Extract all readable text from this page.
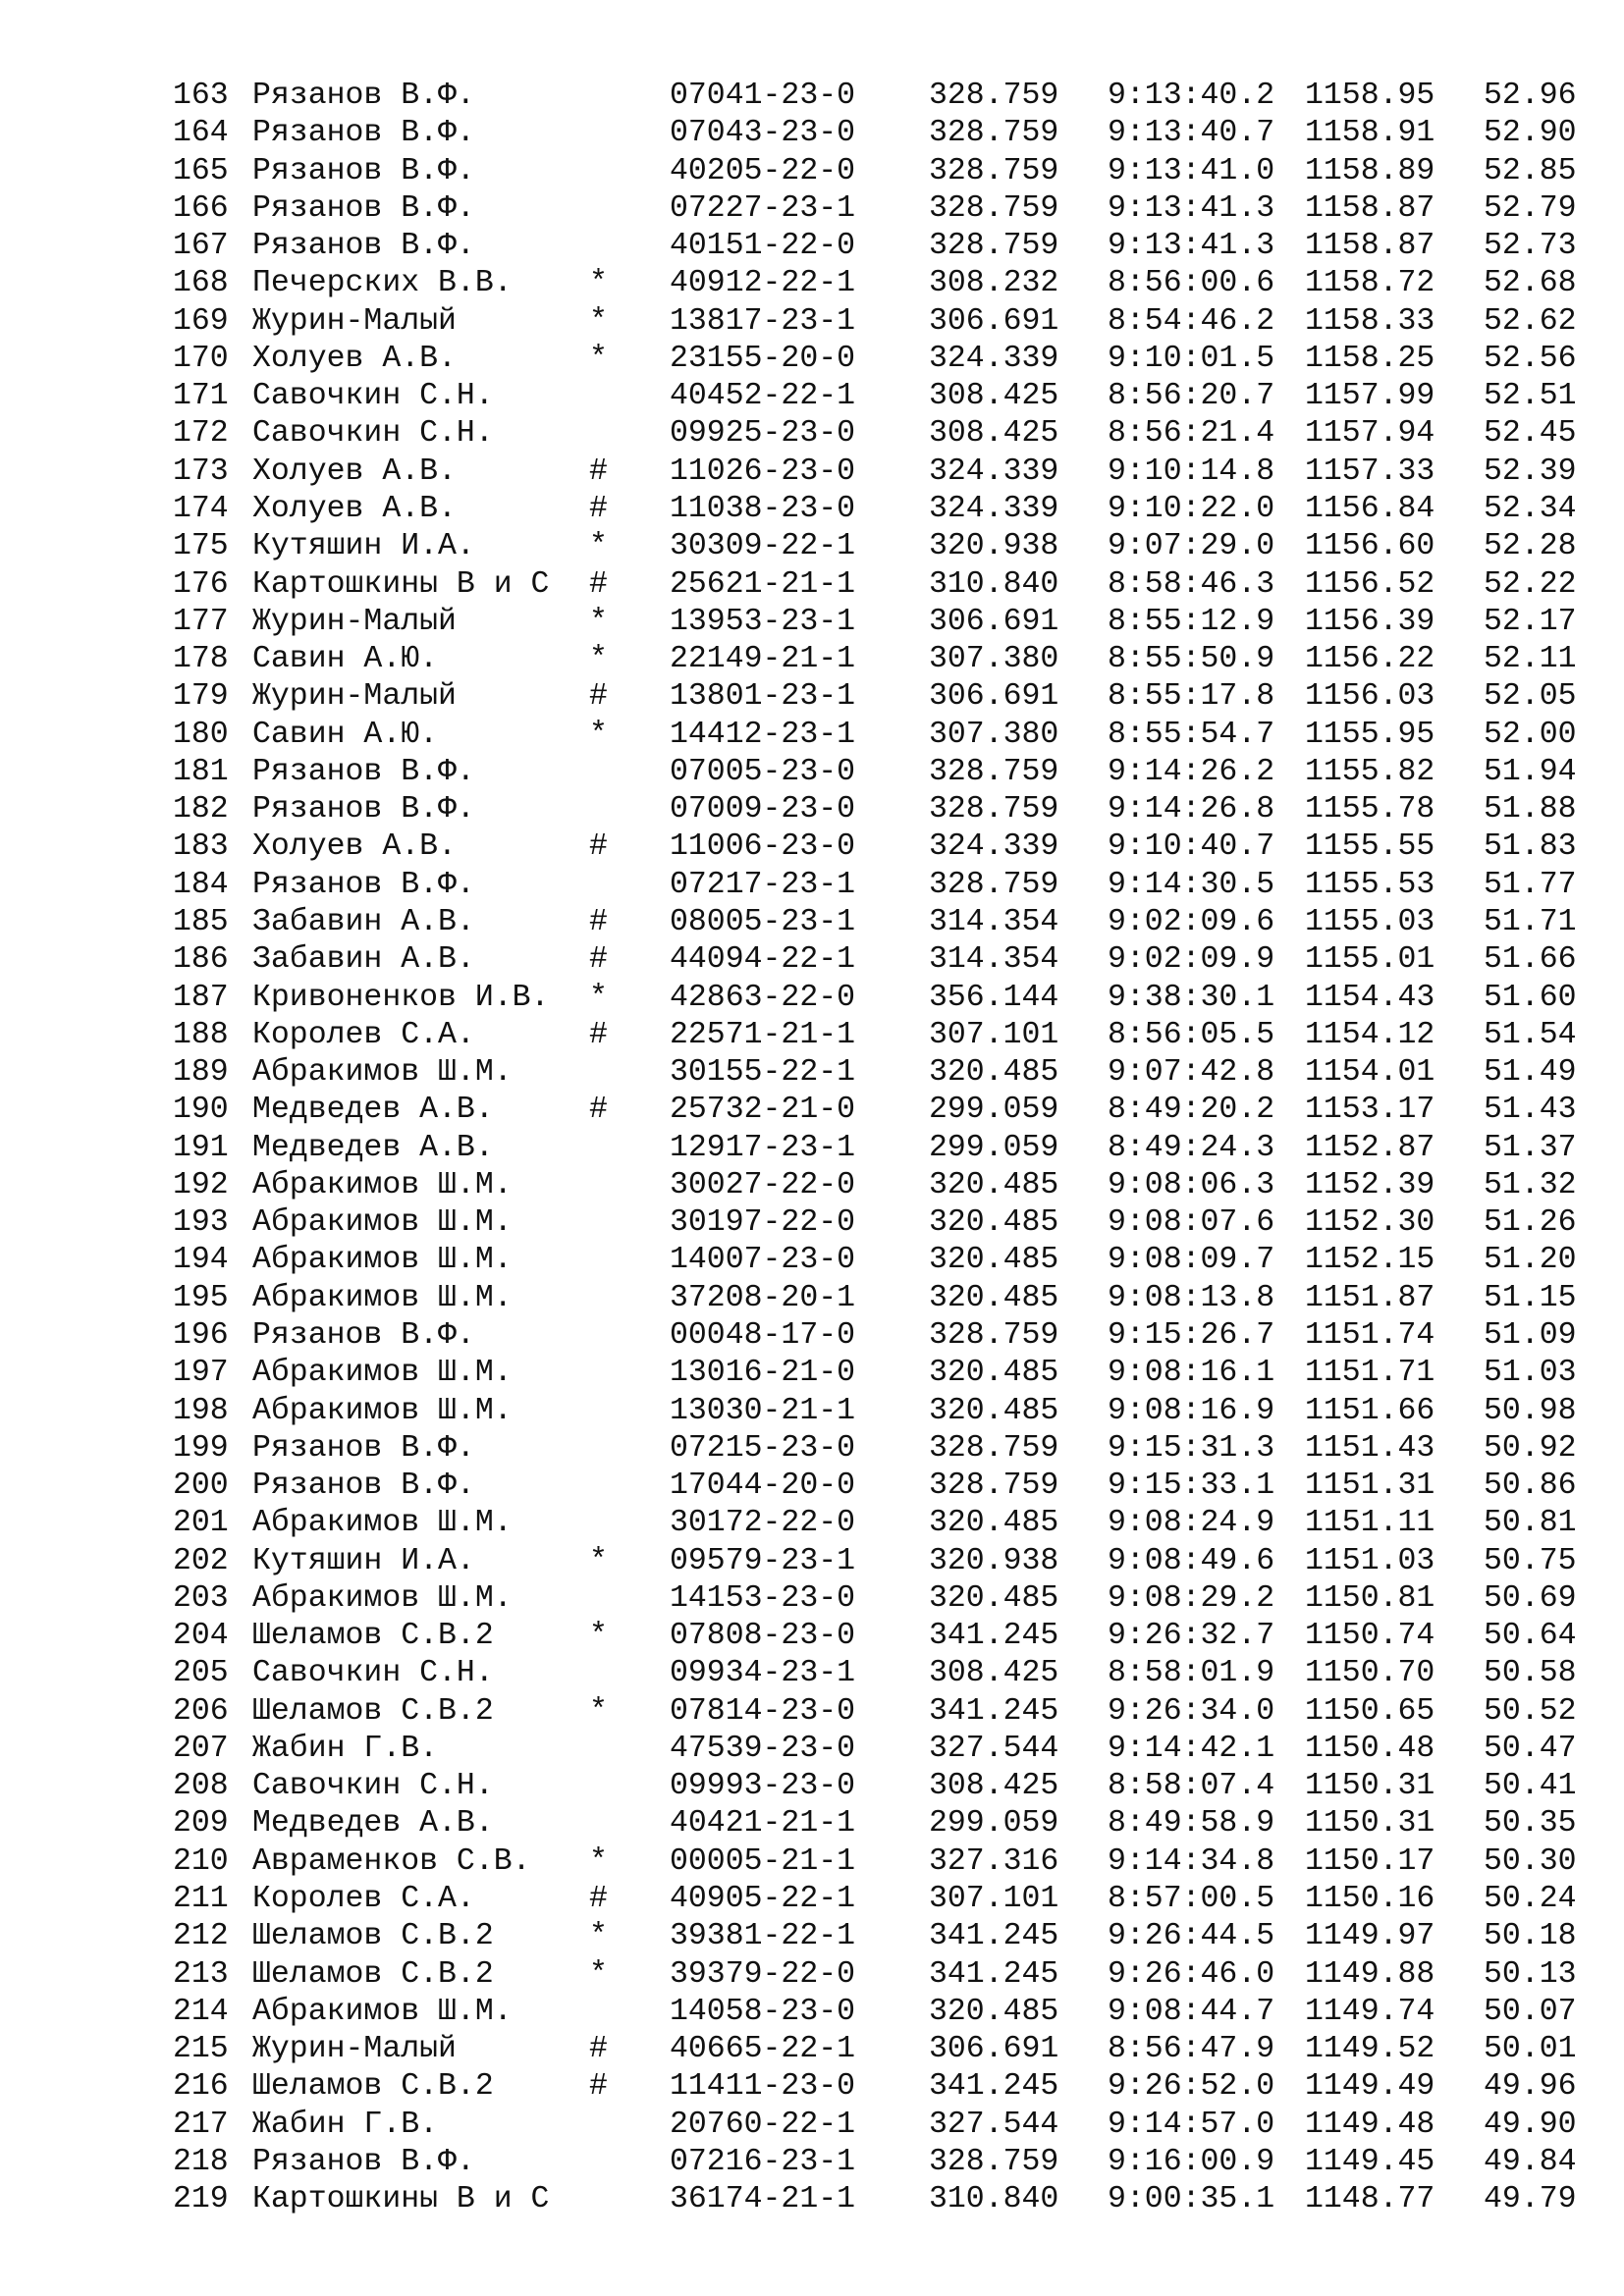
163 Рязанов В.Ф.	07041-23-0 328.759 9:13:40.2 1158.95 52.96
164 Рязанов В.Ф.	07043-23-0 328.759 9:13:40.7 1158.91 52.90
165 Рязанов В.Ф.	40205-22-0 328.759 9:13:41.0 1158.89 52.85
166 Рязанов В.Ф.	07227-23-1 328.759 9:13:41.3 1158.87 52.79
167 Рязанов В.Ф.	40151-22-0 328.759 9:13:41.3 1158.87 52.73
168 Печерских В.В. * 40912-22-1 308.232 8:56:00.6 1158.72 52.68
169 Журин-Малый	* 13817-23-1 306.691 8:54:46.2 1158.33 52.62
170 Холуев А.В.	* 23155-20-0 324.339 9:10:01.5 1158.25 52.56
171 Савочкин С.Н.	40452-22-1 308.425 8:56:20.7 1157.99 52.51
172 Савочкин С.Н.	09925-23-0 308.425 8:56:21.4 1157.94 52.45
173 Холуев А.В.	# 11026-23-0 324.339 9:10:14.8 1157.33 52.39
174 Холуев А.В.	# 11038-23-0 324.339 9:10:22.0 1156.84 52.34
175 Кутяшин И.А.	* 30309-22-1 320.938 9:07:29.0 1156.60 52.28
176 Картошкины В и С # 25621-21-1 310.840 8:58:46.3 1156.52 52.22
177 Журин-Малый	* 13953-23-1 306.691 8:55:12.9 1156.39 52.17
178 Савин А.Ю.	* 22149-21-1 307.380 8:55:50.9 1156.22 52.11
179 Журин-Малый	# 13801-23-1 306.691 8:55:17.8 1156.03 52.05
180 Савин А.Ю.	* 14412-23-1 307.380 8:55:54.7 1155.95 52.00
181 Рязанов В.Ф.	07005-23-0 328.759 9:14:26.2 1155.82 51.94
182 Рязанов В.Ф.	07009-23-0 328.759 9:14:26.8 1155.78 51.88
183 Холуев А.В.	# 11006-23-0 324.339 9:10:40.7 1155.55 51.83
184 Рязанов В.Ф.	07217-23-1 328.759 9:14:30.5 1155.53 51.77
185 Забавин А.В.	# 08005-23-1 314.354 9:02:09.6 1155.03 51.71
186 Забавин А.В.	# 44094-22-1 314.354 9:02:09.9 1155.01 51.66
187 Кривоненков И.В. * 42863-22-0 356.144 9:38:30.1 1154.43 51.60
188 Королев С.А.	# 22571-21-1 307.101 8:56:05.5 1154.12 51.54
189 Абракимов Ш.М.	30155-22-1 320.485 9:07:42.8 1154.01 51.49
190 Медведев А.В.	# 25732-21-0 299.059 8:49:20.2 1153.17 51.43
191 Медведев А.В.	12917-23-1 299.059 8:49:24.3 1152.87 51.37
192 Абракимов Ш.М.	30027-22-0 320.485 9:08:06.3 1152.39 51.32
193 Абракимов Ш.М.	30197-22-0 320.485 9:08:07.6 1152.30 51.26
194 Абракимов Ш.М.	14007-23-0 320.485 9:08:09.7 1152.15 51.20
195 Абракимов Ш.М.	37208-20-1 320.485 9:08:13.8 1151.87 51.15
196 Рязанов В.Ф.	00048-17-0 328.759 9:15:26.7 1151.74 51.09
197 Абракимов Ш.М.	13016-21-0 320.485 9:08:16.1 1151.71 51.03
198 Абракимов Ш.М.	13030-21-1 320.485 9:08:16.9 1151.66 50.98
199 Рязанов В.Ф.	07215-23-0 328.759 9:15:31.3 1151.43 50.92
200 Рязанов В.Ф.	17044-20-0 328.759 9:15:33.1 1151.31 50.86
201 Абракимов Ш.М.	30172-22-0 320.485 9:08:24.9 1151.11 50.81
202 Кутяшин И.А.	* 09579-23-1 320.938 9:08:49.6 1151.03 50.75
203 Абракимов Ш.М.	14153-23-0 320.485 9:08:29.2 1150.81 50.69
204 Шеламов С.В.2	* 07808-23-0 341.245 9:26:32.7 1150.74 50.64
205 Савочкин С.Н.	09934-23-1 308.425 8:58:01.9 1150.70 50.58
206 Шеламов С.В.2	* 07814-23-0 341.245 9:26:34.0 1150.65 50.52
207 Жабин Г.В.	47539-23-0 327.544 9:14:42.1 1150.48 50.47
208 Савочкин С.Н.	09993-23-0 308.425 8:58:07.4 1150.31 50.41
209 Медведев А.В.	40421-21-1 299.059 8:49:58.9 1150.31 50.35
210 Авраменков С.В. * 00005-21-1 327.316 9:14:34.8 1150.17 50.30
211 Королев С.А.	# 40905-22-1 307.101 8:57:00.5 1150.16 50.24
212 Шеламов С.В.2	* 39381-22-1 341.245 9:26:44.5 1149.97 50.18
213 Шеламов С.В.2	* 39379-22-0 341.245 9:26:46.0 1149.88 50.13
214 Абракимов Ш.М.	14058-23-0 320.485 9:08:44.7 1149.74 50.07
215 Журин-Малый	# 40665-22-1 306.691 8:56:47.9 1149.52 50.01
216 Шеламов С.В.2	# 11411-23-0 341.245 9:26:52.0 1149.49 49.96
217 Жабин Г.В.	20760-22-1 327.544 9:14:57.0 1149.48 49.90
218 Рязанов В.Ф.	07216-23-1 328.759 9:16:00.9 1149.45 49.84
219 Картошкины В и С	36174-21-1 310.840 9:00:35.1 1148.77 49.79
